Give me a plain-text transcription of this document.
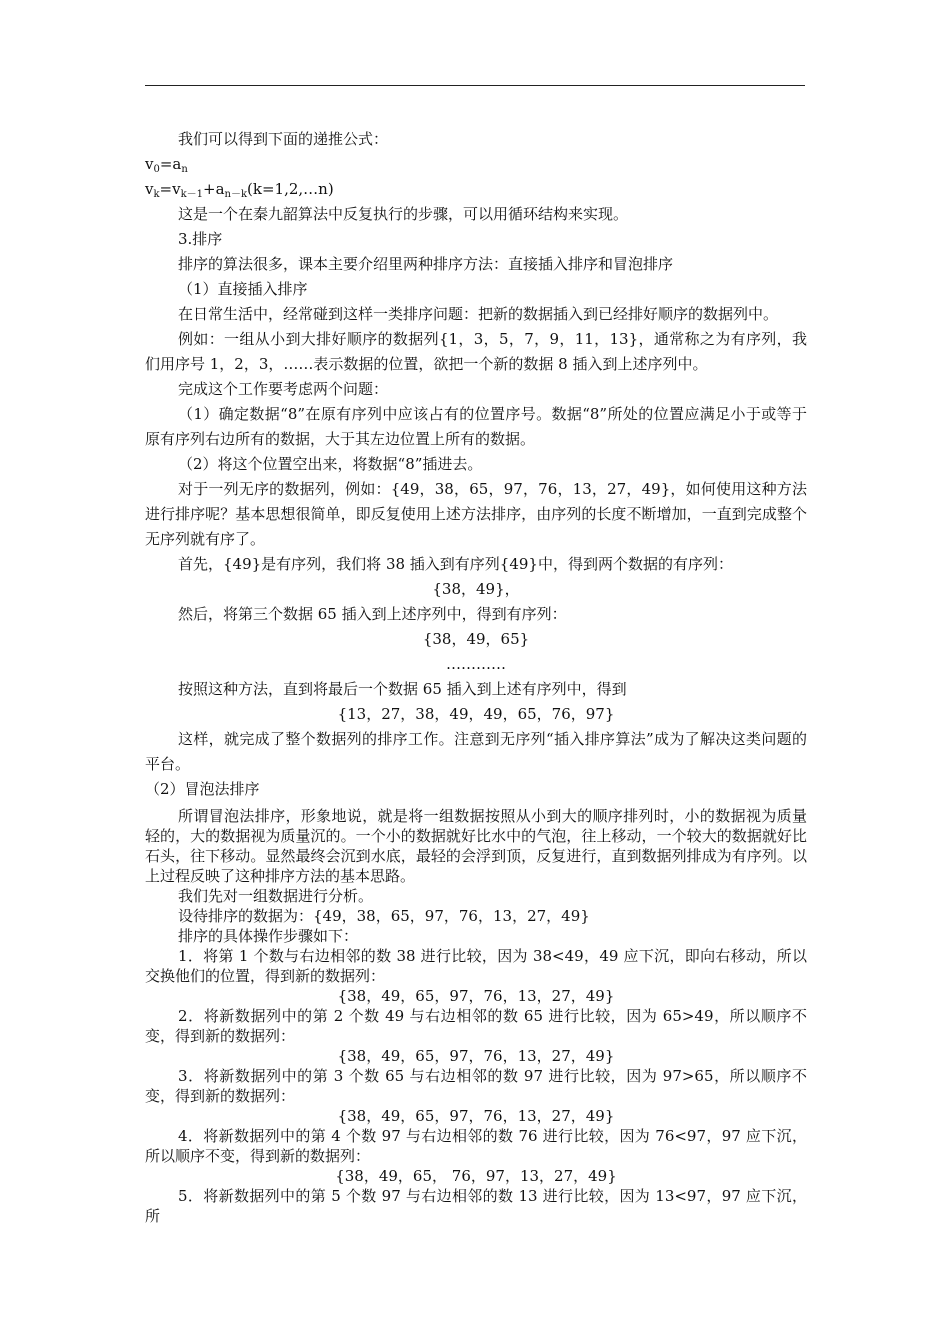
我们可以得到下面的递推公式：

$v_0=a_n$

$v_k=v_{k-1}+a_{n-k}(k=1,2,\dots n)$

这是一个在秦九韶算法中反复执行的步骤，可以用循环结构来实现。

3.排序

排序的算法很多，课本主要介绍里两种排序方法：直接插入排序和冒泡排序

（1）直接插入排序

在日常生活中，经常碰到这样一类排序问题：把新的数据插入到已经排好顺序的数据列中。

例如：一组从小到大排好顺序的数据列{1，3，5，7，9，11，13}，通常称之为有序列，我们用序号 1，2，3，……表示数据的位置，欲把一个新的数据 8 插入到上述序列中。

完成这个工作要考虑两个问题：

（1）确定数据“8”在原有序列中应该占有的位置序号。数据“8”所处的位置应满足小于或等于原有序列右边所有的数据，大于其左边位置上所有的数据。

（2）将这个位置空出来，将数据“8”插进去。

对于一列无序的数据列，例如：{49，38，65，97，76，13，27，49}，如何使用这种方法进行排序呢？基本思想很简单，即反复使用上述方法排序，由序列的长度不断增加，一直到完成整个无序列就有序了。

首先，{49}是有序列，我们将 38 插入到有序列{49}中，得到两个数据的有序列：

{38，49}，

然后，将第三个数据 65 插入到上述序列中，得到有序列：

{38，49，65}

…………

按照这种方法，直到将最后一个数据 65 插入到上述有序列中，得到

{13，27，38，49，49，65，76，97}

这样，就完成了整个数据列的排序工作。注意到无序列“插入排序算法”成为了解决这类问题的平台。

（2）冒泡法排序

所谓冒泡法排序，形象地说，就是将一组数据按照从小到大的顺序排列时，小的数据视为质量轻的，大的数据视为质量沉的。一个小的数据就好比水中的气泡，往上移动，一个较大的数据就好比石头，往下移动。显然最终会沉到水底，最轻的会浮到顶，反复进行，直到数据列排成为有序列。以上过程反映了这种排序方法的基本思路。

我们先对一组数据进行分析。

设待排序的数据为：{49，38，65，97，76，13，27，49}

排序的具体操作步骤如下：

1．将第 1 个数与右边相邻的数 38 进行比较，因为 38<49，49 应下沉，即向右移动，所以交换他们的位置，得到新的数据列：

{38，49，65，97，76，13，27，49}

2．将新数据列中的第 2 个数 49 与右边相邻的数 65 进行比较，因为 65>49，所以顺序不变，得到新的数据列：

{38，49，65，97，76，13，27，49}

3．将新数据列中的第 3 个数 65 与右边相邻的数 97 进行比较，因为 97>65，所以顺序不变，得到新的数据列：

{38，49，65，97，76，13，27，49}

4．将新数据列中的第 4 个数 97 与右边相邻的数 76 进行比较，因为 76<97，97 应下沉，所以顺序不变，得到新的数据列：

{38，49，65， 76，97，13，27，49}

5．将新数据列中的第 5 个数 97 与右边相邻的数 13 进行比较，因为 13<97，97 应下沉，所
